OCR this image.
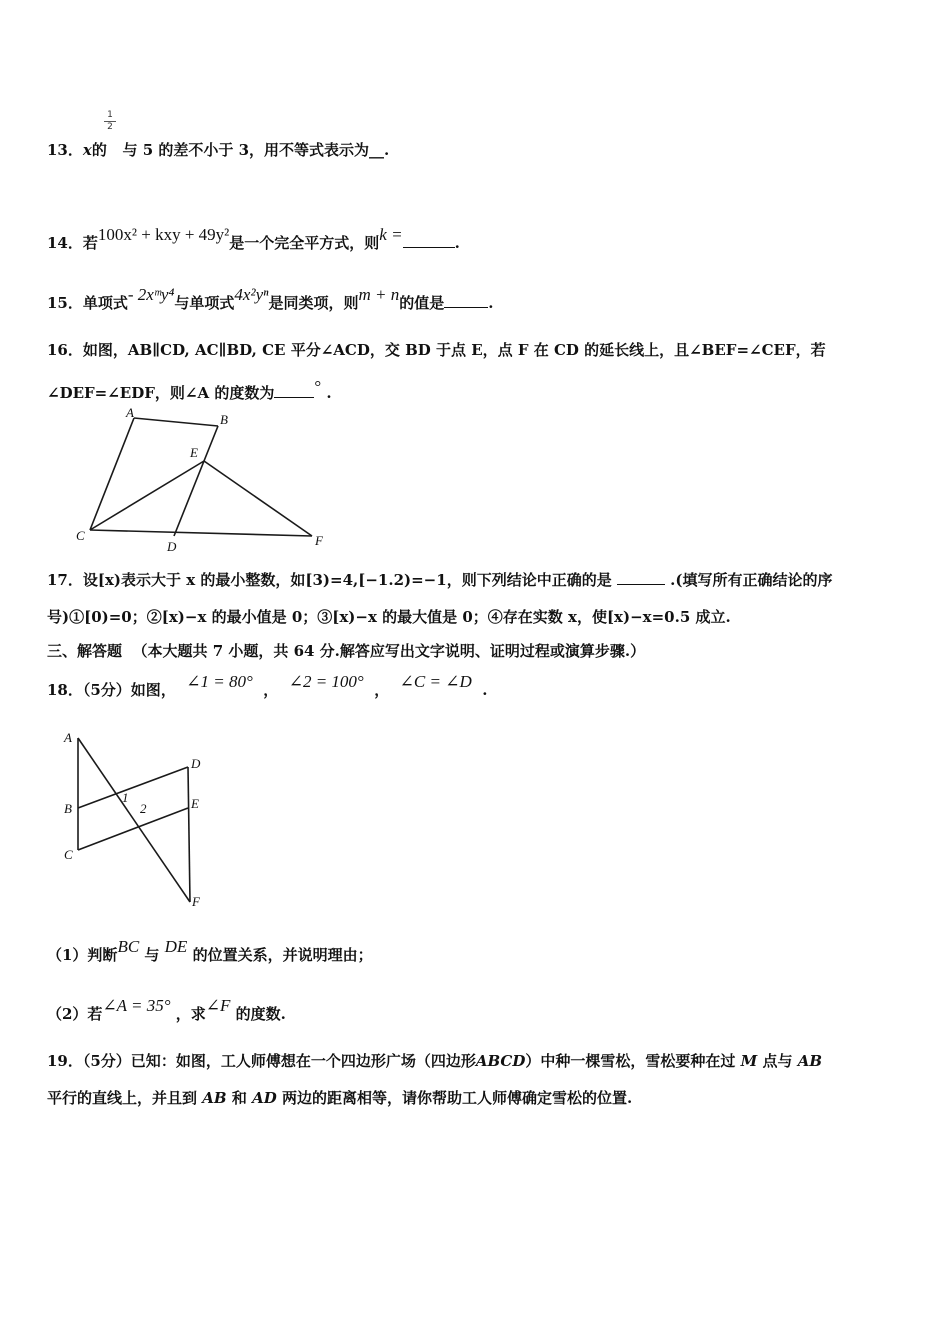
1
2
13．x的 与 5 的差不小于 3，用不等式表示为__.
14．若100x² + kxy + 49y²是一个完全平方式，则k =	.
15．单项式- 2xᵐy⁴与单项式4x²yⁿ是同类项，则m + n的值是	.
16．如图，AB∥CD, AC∥BD, CE 平分∠ACD，交 BD 于点 E，点 F 在 CD 的延长线上，且∠BEF=∠CEF，若
∠DEF=∠EDF，则∠A 的度数为 ° .
A	B
E
C
D	F
17．设[x)表示大于 x 的最小整数，如[3)=4,[−1.2)=−1，则下列结论中正确的是	.(填写所有正确结论的序
号)①[0)=0；②[x)−x 的最小值是 0；③[x)−x 的最大值是 0；④存在实数 x，使[x)−x=0.5 成立.
三、解答题 （本大题共 7 小题，共 64 分.解答应写出文字说明、证明过程或演算步骤.）
18．（5分）如图， ∠1 = 80° ， ∠2 = 100° ， ∠C = ∠D .
A
D
B
1
2	E
C
F
（1）判断BC 与 DE 的位置关系，并说明理由；
（2）若∠A = 35° ，求∠F 的度数.
19．（5分）已知：如图，工人师傅想在一个四边形广场（四边形ABCD）中种一棵雪松，雪松要种在过 M 点与 AB
平行的直线上，并且到 AB 和 AD 两边的距离相等，请你帮助工人师傅确定雪松的位置.
